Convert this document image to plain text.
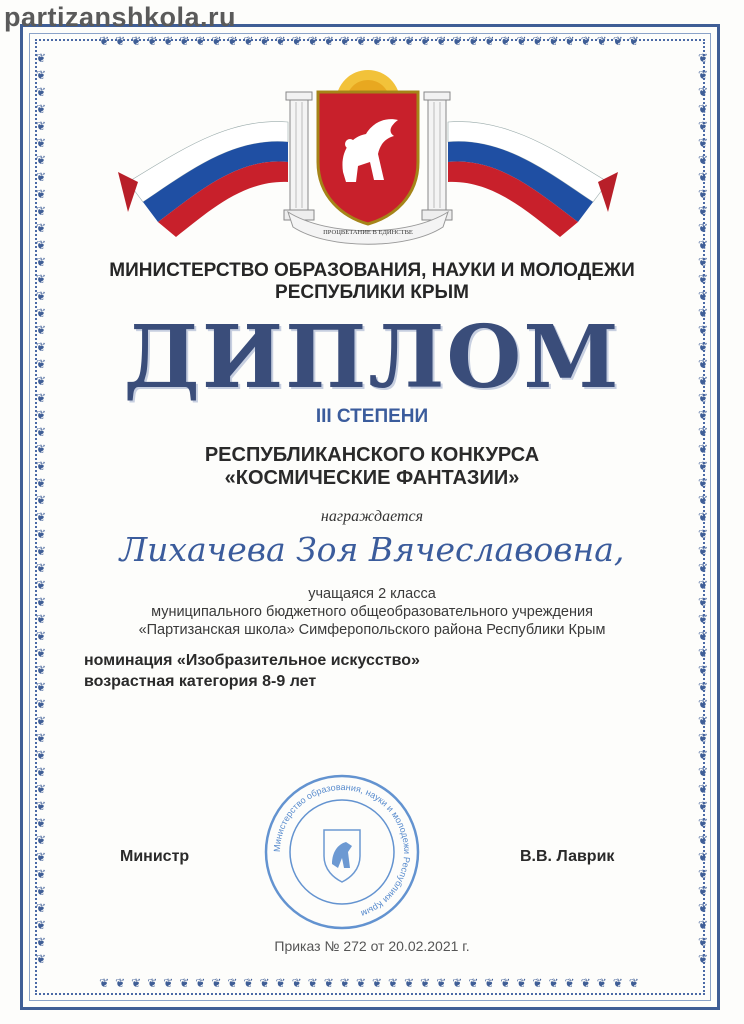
❦❦❦❦❦❦❦❦❦❦❦❦❦❦❦❦❦❦❦❦❦❦❦❦❦❦❦❦❦❦❦❦❦❦
❦❦❦❦❦❦❦❦❦❦❦❦❦❦❦❦❦❦❦❦❦❦❦❦❦❦❦❦❦❦❦❦❦❦
❦❦❦❦❦❦❦❦❦❦❦❦❦❦❦❦❦❦❦❦❦❦❦❦❦❦❦❦❦❦❦❦❦❦❦❦❦❦❦❦❦❦❦❦❦❦❦❦❦❦❦❦❦❦
❦❦❦❦❦❦❦❦❦❦❦❦❦❦❦❦❦❦❦❦❦❦❦❦❦❦❦❦❦❦❦❦❦❦❦❦❦❦❦❦❦❦❦❦❦❦❦❦❦❦❦❦❦❦
partizanshkola.ru
ПРОЦВЕТАНИЕ В ЕДИНСТВЕ
МИНИСТЕРСТВО ОБРАЗОВАНИЯ, НАУКИ И МОЛОДЕЖИ
РЕСПУБЛИКИ КРЫМ
ДИПЛОМ
III СТЕПЕНИ
РЕСПУБЛИКАНСКОГО КОНКУРСА
«КОСМИЧЕСКИЕ ФАНТАЗИИ»
награждается
Лихачева Зоя Вячеславовна,
учащаяся 2 класса
муниципального бюджетного общеобразовательного учреждения
«Партизанская школа» Симферопольского района Республики Крым
номинация «Изобразительное искусство»
возрастная категория 8-9 лет
Министерство образования, науки и молодежи Республики Крым
Министр	В.В. Лаврик
Приказ № 272 от 20.02.2021 г.
